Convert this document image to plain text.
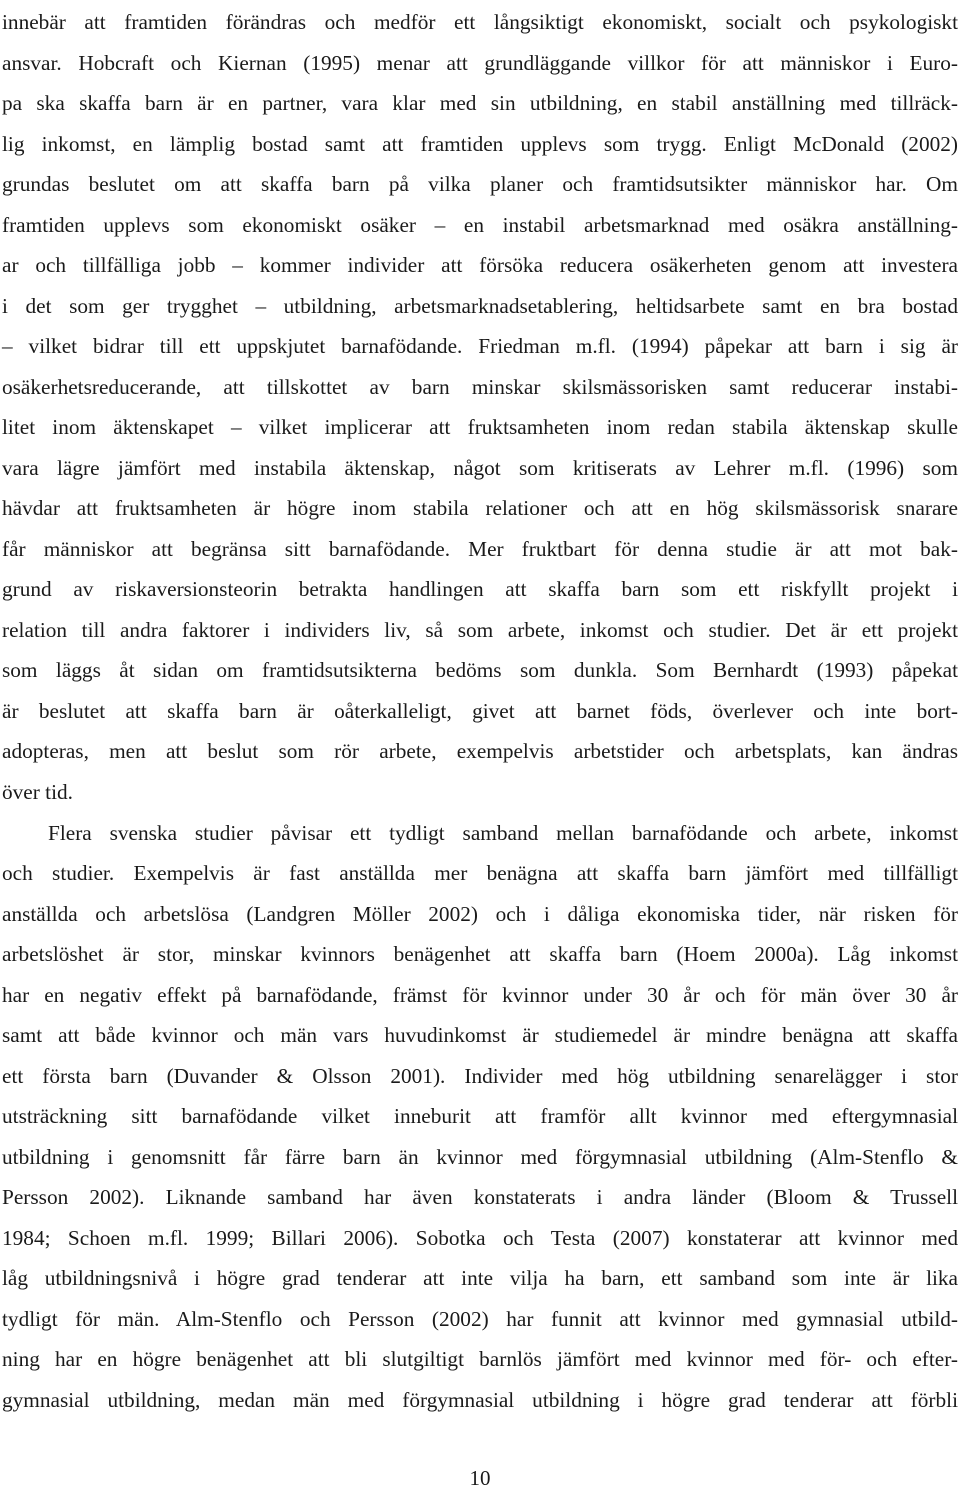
innebär att framtiden förändras och medför ett långsiktigt ekonomiskt, socialt och psykologiskt
ansvar. Hobcraft och Kiernan (1995) menar att grundläggande villkor för att människor i Euro-
pa ska skaffa barn är en partner, vara klar med sin utbildning, en stabil anställning med tillräck-
lig inkomst, en lämplig bostad samt att framtiden upplevs som trygg. Enligt McDonald (2002)
grundas beslutet om att skaffa barn på vilka planer och framtidsutsikter människor har. Om
framtiden upplevs som ekonomiskt osäker – en instabil arbetsmarknad med osäkra anställning-
ar och tillfälliga jobb – kommer individer att försöka reducera osäkerheten genom att investera
i det som ger trygghet – utbildning, arbetsmarknadsetablering, heltidsarbete samt en bra bostad
– vilket bidrar till ett uppskjutet barnafödande. Friedman m.fl. (1994) påpekar att barn i sig är
osäkerhetsreducerande, att tillskottet av barn minskar skilsmässorisken samt reducerar instabi-
litet inom äktenskapet – vilket implicerar att fruktsamheten inom redan stabila äktenskap skulle
vara lägre jämfört med instabila äktenskap, något som kritiserats av Lehrer m.fl. (1996) som
hävdar att fruktsamheten är högre inom stabila relationer och att en hög skilsmässorisk snarare
får människor att begränsa sitt barnafödande. Mer fruktbart för denna studie är att mot bak-
grund av riskaversionsteorin betrakta handlingen att skaffa barn som ett riskfyllt projekt i
relation till andra faktorer i individers liv, så som arbete, inkomst och studier. Det är ett projekt
som läggs åt sidan om framtidsutsikterna bedöms som dunkla. Som Bernhardt (1993) påpekat
är beslutet att skaffa barn är oåterkalleligt, givet att barnet föds, överlever och inte bort-
adopteras, men att beslut som rör arbete, exempelvis arbetstider och arbetsplats, kan ändras
över tid.
Flera svenska studier påvisar ett tydligt samband mellan barnafödande och arbete, inkomst
och studier. Exempelvis är fast anställda mer benägna att skaffa barn jämfört med tillfälligt
anställda och arbetslösa (Landgren Möller 2002) och i dåliga ekonomiska tider, när risken för
arbetslöshet är stor, minskar kvinnors benägenhet att skaffa barn (Hoem 2000a). Låg inkomst
har en negativ effekt på barnafödande, främst för kvinnor under 30 år och för män över 30 år
samt att både kvinnor och män vars huvudinkomst är studiemedel är mindre benägna att skaffa
ett första barn (Duvander & Olsson 2001). Individer med hög utbildning senarelägger i stor
utsträckning sitt barnafödande vilket inneburit att framför allt kvinnor med eftergymnasial
utbildning i genomsnitt får färre barn än kvinnor med förgymnasial utbildning (Alm-Stenflo &
Persson 2002). Liknande samband har även konstaterats i andra länder (Bloom & Trussell
1984; Schoen m.fl. 1999; Billari 2006). Sobotka och Testa (2007) konstaterar att kvinnor med
låg utbildningsnivå i högre grad tenderar att inte vilja ha barn, ett samband som inte är lika
tydligt för män. Alm-Stenflo och Persson (2002) har funnit att kvinnor med gymnasial utbild-
ning har en högre benägenhet att bli slutgiltigt barnlös jämfört med kvinnor med för- och efter-
gymnasial utbildning, medan män med förgymnasial utbildning i högre grad tenderar att förbli
10
